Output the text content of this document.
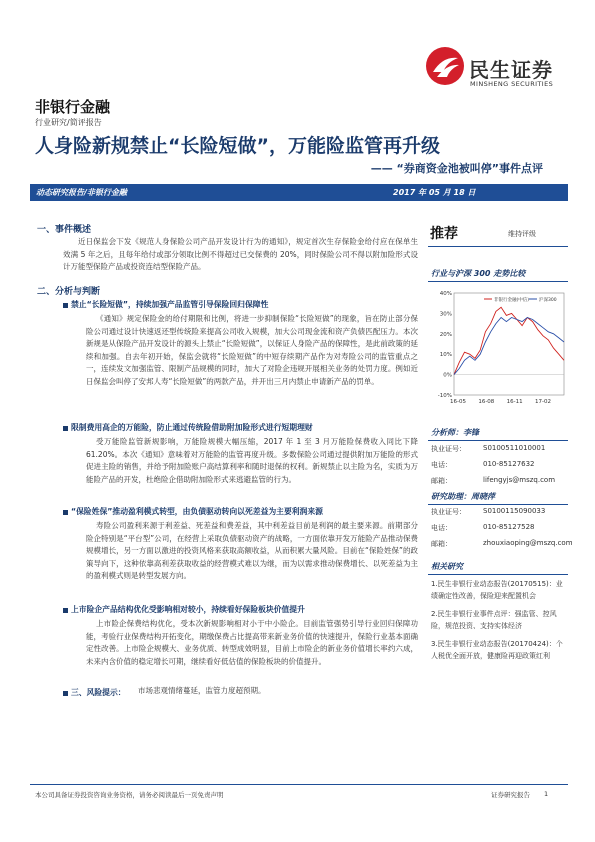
民生证券
MINSHENG SECURITIES
非银行金融
行业研究/简评报告
人身险新规禁止“长险短做”，万能险监管再升级
—— “券商资金池被叫停”事件点评
动态研究报告/非银行金融	2017 年 05 月 18 日
一、事件概述
近日保监会下发《规范人身保险公司产品开发设计行为的通知》，规定首次生存保险金给付应在保单生效满 5 年之后，且每年给付或部分领取比例不得超过已交保费的 20%，同时保险公司不得以附加险形式设计万能型保险产品或投资连结型保险产品。
二、分析与判断
禁止“长险短做”，持续加强产品监管引导保险回归保障性
《通知》规定保险金的给付期限和比例，将进一步抑制保险“长险短做”的现象，旨在防止部分保险公司通过设计快速返还型传统险来提高公司收入规模，加大公司现金流和资产负债匹配压力。本次新规是从保险产品开发设计的源头上禁止“长险短做”，以保证人身险产品的保障性，是此前政策的延续和加强。自去年初开始，保监会就将“长险短做”的中短存续期产品作为对寿险公司的监管重点之一，连续发文加强监管、限制产品规模的同时，加大了对险企违规开展相关业务的处罚力度。例如近日保监会叫停了安邦人寿“长险短做”的两款产品，并开出三月内禁止申请新产品的罚单。
限制费用高企的万能险，防止通过传统险借助附加险形式进行短期理财
受万能险监管新规影响，万能险规模大幅压缩，2017 年 1 至 3 月万能险保费收入同比下降 61.20%。本次《通知》意味着对万能险的监管再度升级。多数保险公司通过提供附加万能险的形式促进主险的销售，并给予附加险账户高结算利率和随时退保的权利。新规禁止以主险为名，实质为万能险产品的开发，杜绝险企借助附加险形式来逃避监管的行为。
“保险姓保”推动盈利模式转型，由负债驱动转向以死差益为主要利润来源
寿险公司盈利来源于利差益、死差益和费差益，其中利差益目前是利润的最主要来源。前期部分险企特别是“平台型”公司，在经营上采取负债驱动资产的战略，一方面依靠开发万能险产品推动保费规模增长，另一方面以激进的投资风格来获取高额收益，从而积累大量风险。目前在“保险姓保”的政策导向下，这种依靠高利差获取收益的经营模式难以为继，而为以需求推动保费增长、以死差益为主的盈利模式则是转型发展方向。
上市险企产品结构优化受影响相对较小，持续看好保险板块价值提升
上市险企保费结构优化，受本次新规影响相对小于中小险企。目前监管强势引导行业回归保障功能，考验行业保费结构开拓变化，期缴保费占比提高带来新业务价值的快速提升，保险行业基本面确定性改善。上市险企规模大、业务优质、转型成效明显，目前上市险企的新业务价值增长率约六成，未来内含价值的稳定增长可期，继续看好低估值的保险板块的价值提升。
三、风险提示： 市场悲观情绪蔓延，监管力度超预期。
推荐	维持评级
行业与沪深 300 走势比较
-10%
0%
10%
20%
30%
40%
16-05 16-08 16-11 17-02
非银行金融(中信) 沪深300
分析师：李锋
执业证号： S0100511010001
电话：	010-85127632
邮箱：	lifengyjs@mszq.com
研究助理：周晓萍
执业证号： S0100115090033
电话：	010-85127528
邮箱：	zhouxiaoping@mszq.com
相关研究
1.民生非银行业动态报告(20170515)：业绩确定性改善，保险迎来配置机会
2.民生非银行业事件点评：强监管、控风险，规范投资、支持实体经济
3.民生非银行业动态报告(20170424)：个人税优全面开放，健康险再迎政策红利
本公司具备证券投资咨询业务资格，请务必阅读最后一页免责声明	证券研究报告 1
